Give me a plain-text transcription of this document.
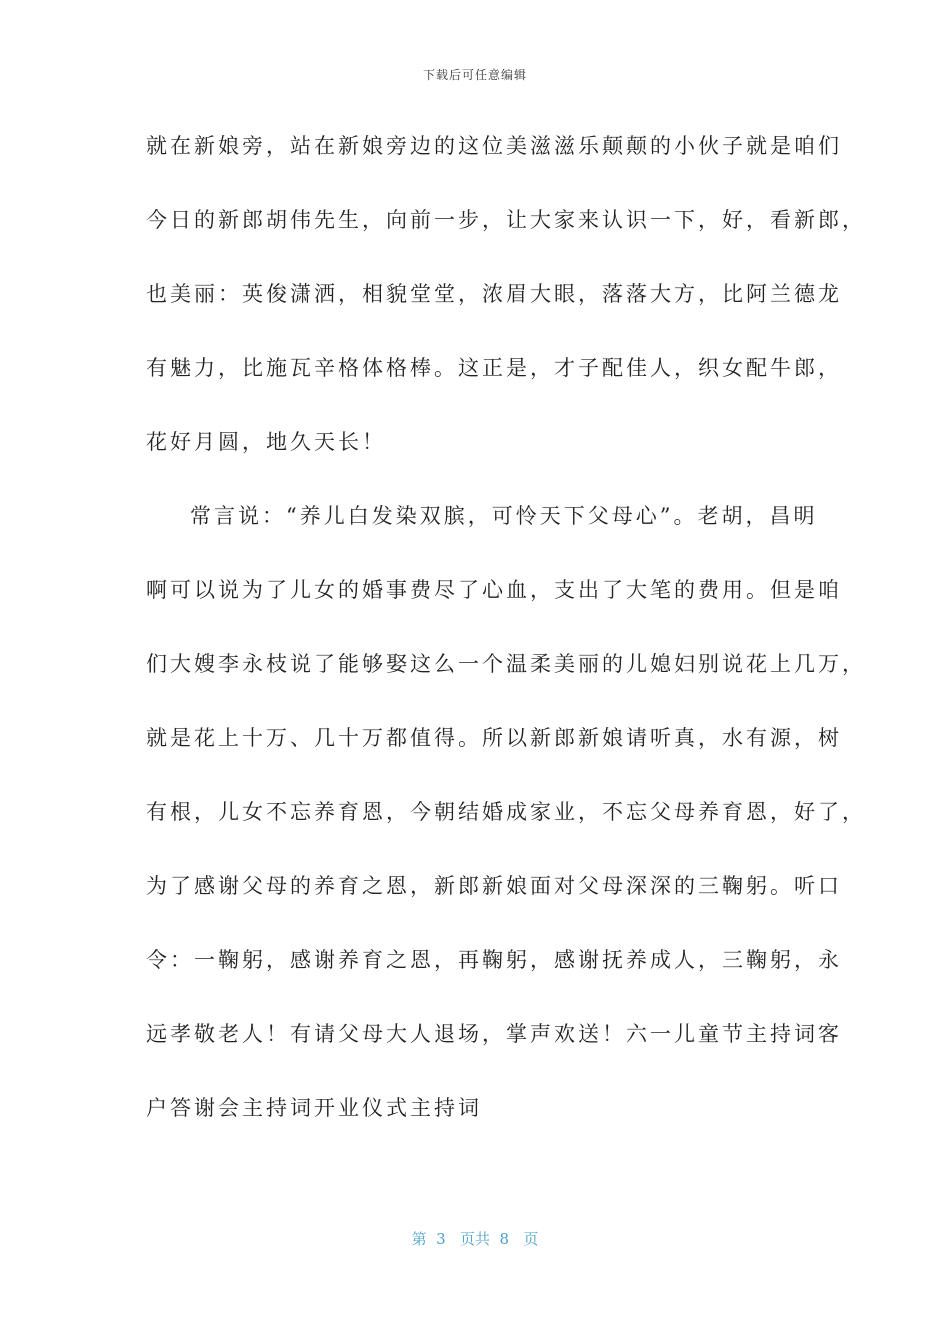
下载后可任意编辑
就在新娘旁，站在新娘旁边的这位美滋滋乐颠颠的小伙子就是咱们
今日的新郎胡伟先生，向前一步，让大家来认识一下，好，看新郎，
也美丽：英俊潇洒，相貌堂堂，浓眉大眼，落落大方，比阿兰德龙
有魅力，比施瓦辛格体格棒。这正是，才子配佳人，织女配牛郎，
花好月圆，地久天长！
常言说：“养儿白发染双膑，可怜天下父母心”。老胡，昌明
啊可以说为了儿女的婚事费尽了心血，支出了大笔的费用。但是咱
们大嫂李永枝说了能够娶这么一个温柔美丽的儿媳妇别说花上几万，
就是花上十万、几十万都值得。所以新郎新娘请听真，水有源，树
有根，儿女不忘养育恩，今朝结婚成家业，不忘父母养育恩，好了，
为了感谢父母的养育之恩，新郎新娘面对父母深深的三鞠躬。听口
令：一鞠躬，感谢养育之恩，再鞠躬，感谢抚养成人，三鞠躬，永
远孝敬老人！有请父母大人退场，掌声欢送！六一儿童节主持词客
户答谢会主持词开业仪式主持词
第  3   页共  8   页
